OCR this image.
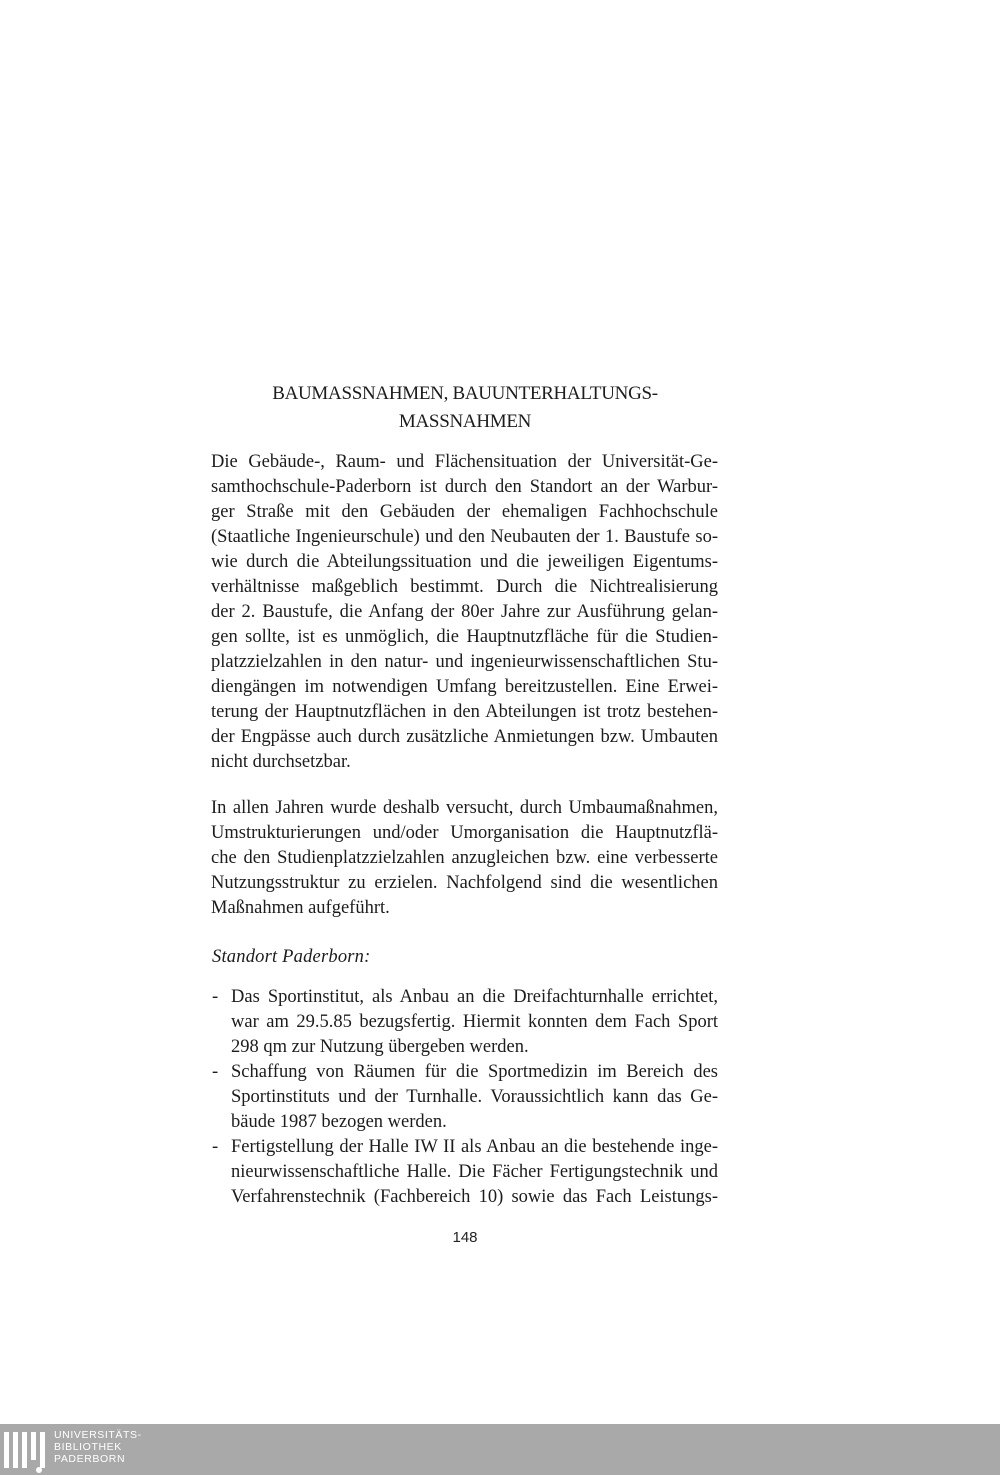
BAUMASSNAHMEN, BAUUNTERHALTUNGS-
MASSNAHMEN
Die Gebäude-, Raum- und Flächensituation der Universität-Ge-
samthochschule-Paderborn ist durch den Standort an der Warbur-
ger Straße mit den Gebäuden der ehemaligen Fachhochschule
(Staatliche Ingenieurschule) und den Neubauten der 1. Baustufe so-
wie durch die Abteilungssituation und die jeweiligen Eigentums-
verhältnisse maßgeblich bestimmt. Durch die Nichtrealisierung
der 2. Baustufe, die Anfang der 80er Jahre zur Ausführung gelan-
gen sollte, ist es unmöglich, die Hauptnutzfläche für die Studien-
platzzielzahlen in den natur- und ingenieurwissenschaftlichen Stu-
diengängen im notwendigen Umfang bereitzustellen. Eine Erwei-
terung der Hauptnutzflächen in den Abteilungen ist trotz bestehen-
der Engpässe auch durch zusätzliche Anmietungen bzw. Umbauten
nicht durchsetzbar.
In allen Jahren wurde deshalb versucht, durch Umbaumaßnahmen,
Umstrukturierungen und/oder Umorganisation die Hauptnutzflä-
che den Studienplatzzielzahlen anzugleichen bzw. eine verbesserte
Nutzungsstruktur zu erzielen. Nachfolgend sind die wesentlichen
Maßnahmen aufgeführt.
Standort Paderborn:
- Das Sportinstitut, als Anbau an die Dreifachturnhalle errichtet,
war am 29.5.85 bezugsfertig. Hiermit konnten dem Fach Sport
298 qm zur Nutzung übergeben werden.
- Schaffung von Räumen für die Sportmedizin im Bereich des
Sportinstituts und der Turnhalle. Voraussichtlich kann das Ge-
bäude 1987 bezogen werden.
- Fertigstellung der Halle IW II als Anbau an die bestehende inge-
nieurwissenschaftliche Halle. Die Fächer Fertigungstechnik und
Verfahrenstechnik (Fachbereich 10) sowie das Fach Leistungs-
148
UNIVERSITÄTS-
BIBLIOTHEK
PADERBORN
